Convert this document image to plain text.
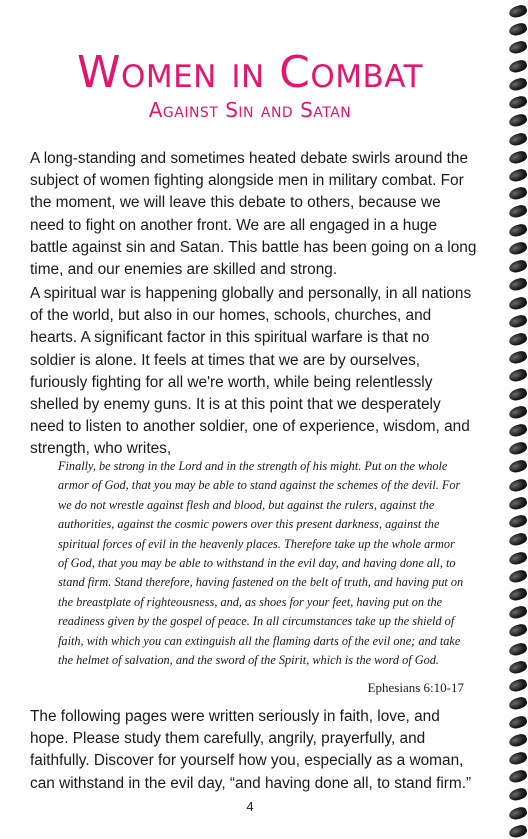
Women in Combat
Against Sin and Satan

A long-standing and sometimes heated debate swirls around the subject of women fighting alongside men in military combat. For the moment, we will leave this debate to others, because we need to fight on another front. We are all engaged in a huge battle against sin and Satan. This battle has been going on a long time, and our enemies are skilled and strong.

A spiritual war is happening globally and personally, in all nations of the world, but also in our homes, schools, churches, and hearts. A significant factor in this spiritual warfare is that no soldier is alone. It feels at times that we are by ourselves, furiously fighting for all we're worth, while being relentlessly shelled by enemy guns. It is at this point that we desperately need to listen to another soldier, one of experience, wisdom, and strength, who writes,

Finally, be strong in the Lord and in the strength of his might. Put on the whole armor of God, that you may be able to stand against the schemes of the devil. For we do not wrestle against flesh and blood, but against the rulers, against the authorities, against the cosmic powers over this present darkness, against the spiritual forces of evil in the heavenly places. Therefore take up the whole armor of God, that you may be able to withstand in the evil day, and having done all, to stand firm. Stand therefore, having fastened on the belt of truth, and having put on the breastplate of righteousness, and, as shoes for your feet, having put on the readiness given by the gospel of peace. In all circumstances take up the shield of faith, with which you can extinguish all the flaming darts of the evil one; and take the helmet of salvation, and the sword of the Spirit, which is the word of God.

Ephesians 6:10-17

The following pages were written seriously in faith, love, and hope. Please study them carefully, angrily, prayerfully, and faithfully. Discover for yourself how you, especially as a woman, can withstand in the evil day, “and having done all, to stand firm.”

4
